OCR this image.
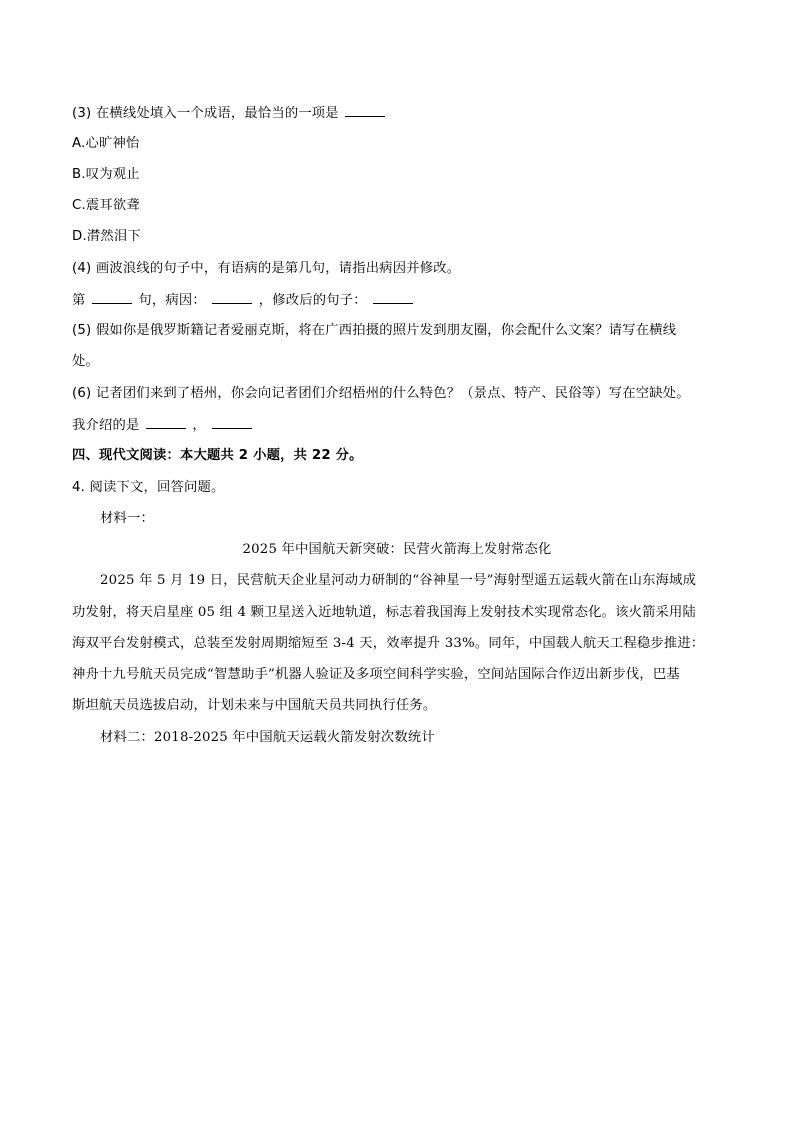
(3) 在横线处填入一个成语，最恰当的一项是
A.心旷神怡
B.叹为观止
C.震耳欲聋
D.潸然泪下
(4) 画波浪线的句子中，有语病的是第几句，请指出病因并修改。
第	句，病因：	，修改后的句子：
(5) 假如你是俄罗斯籍记者爱丽克斯，将在广西拍摄的照片发到朋友圈，你会配什么文案？请写在横线
处。
(6) 记者团们来到了梧州，你会向记者团们介绍梧州的什么特色？（景点、特产、民俗等）写在空缺处。
我介绍的是	，
四、现代文阅读：本大题共 2 小题，共 22 分。
4. 阅读下文，回答问题。
材料一：
2025 年中国航天新突破：民营火箭海上发射常态化
2025 年 5 月 19 日，民营航天企业星河动力研制的“谷神星一号”海射型遥五运载火箭在山东海域成
功发射，将天启星座 05 组 4 颗卫星送入近地轨道，标志着我国海上发射技术实现常态化。该火箭采用陆
海双平台发射模式，总装至发射周期缩短至 3-4 天，效率提升 33%。同年，中国载人航天工程稳步推进：
神舟十九号航天员完成“智慧助手”机器人验证及多项空间科学实验，空间站国际合作迈出新步伐，巴基
斯坦航天员选拔启动，计划未来与中国航天员共同执行任务。
材料二：2018-2025 年中国航天运载火箭发射次数统计
